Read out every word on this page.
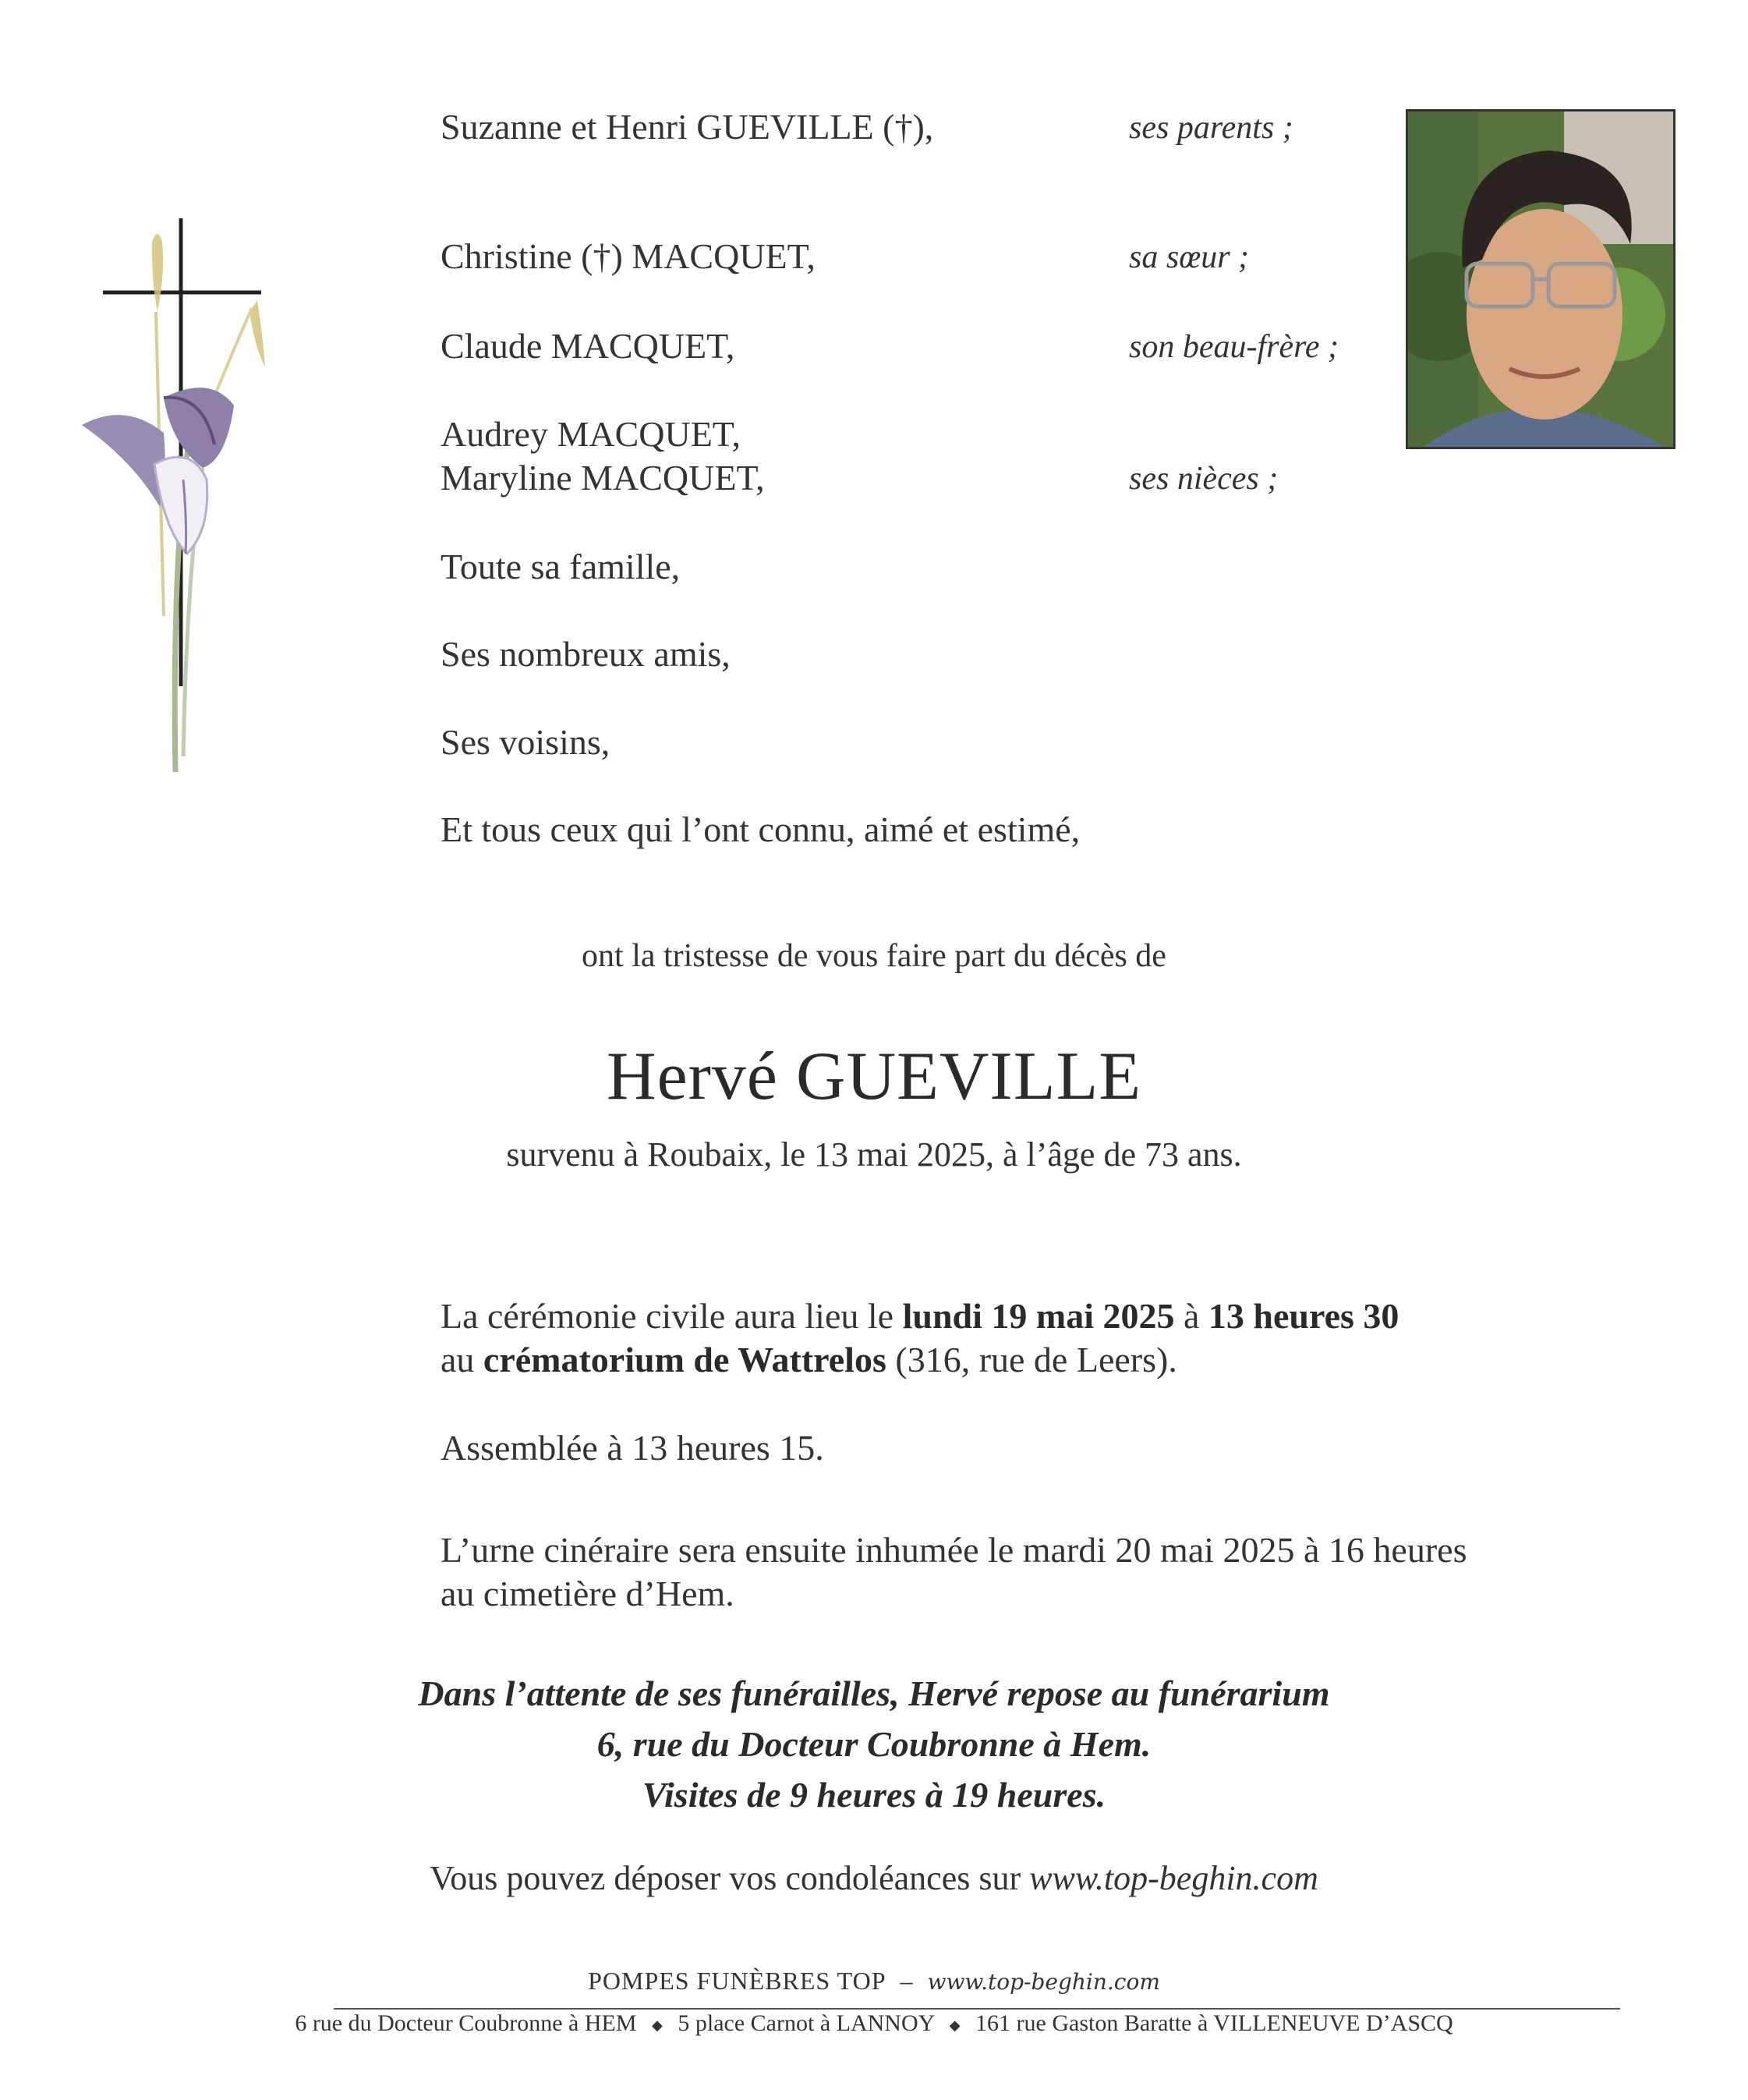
Suzanne et Henri GUEVILLE (†),	ses parents ;
Christine (†) MACQUET,	sa sœur ;
Claude MACQUET,	son beau-frère ;
Audrey MACQUET,
Maryline MACQUET,	ses nièces ;
Toute sa famille,
Ses nombreux amis,
Ses voisins,
Et tous ceux qui l’ont connu, aimé et estimé,
ont la tristesse de vous faire part du décès de
Hervé GUEVILLE
survenu à Roubaix, le 13 mai 2025, à l’âge de 73 ans.
La cérémonie civile aura lieu le lundi 19 mai 2025 à 13 heures 30
au crématorium de Wattrelos (316, rue de Leers).
Assemblée à 13 heures 15.
L’urne cinéraire sera ensuite inhumée le mardi 20 mai 2025 à 16 heures
au cimetière d’Hem.
Dans l’attente de ses funérailles, Hervé repose au funérarium
6, rue du Docteur Coubronne à Hem.
Visites de 9 heures à 19 heures.
Vous pouvez déposer vos condoléances sur www.top-beghin.com
POMPES FUNÈBRES TOP – www.top-beghin.com
6 rue du Docteur Coubronne à HEM ◆ 5 place Carnot à LANNOY ◆ 161 rue Gaston Baratte à VILLENEUVE D’ASCQ
